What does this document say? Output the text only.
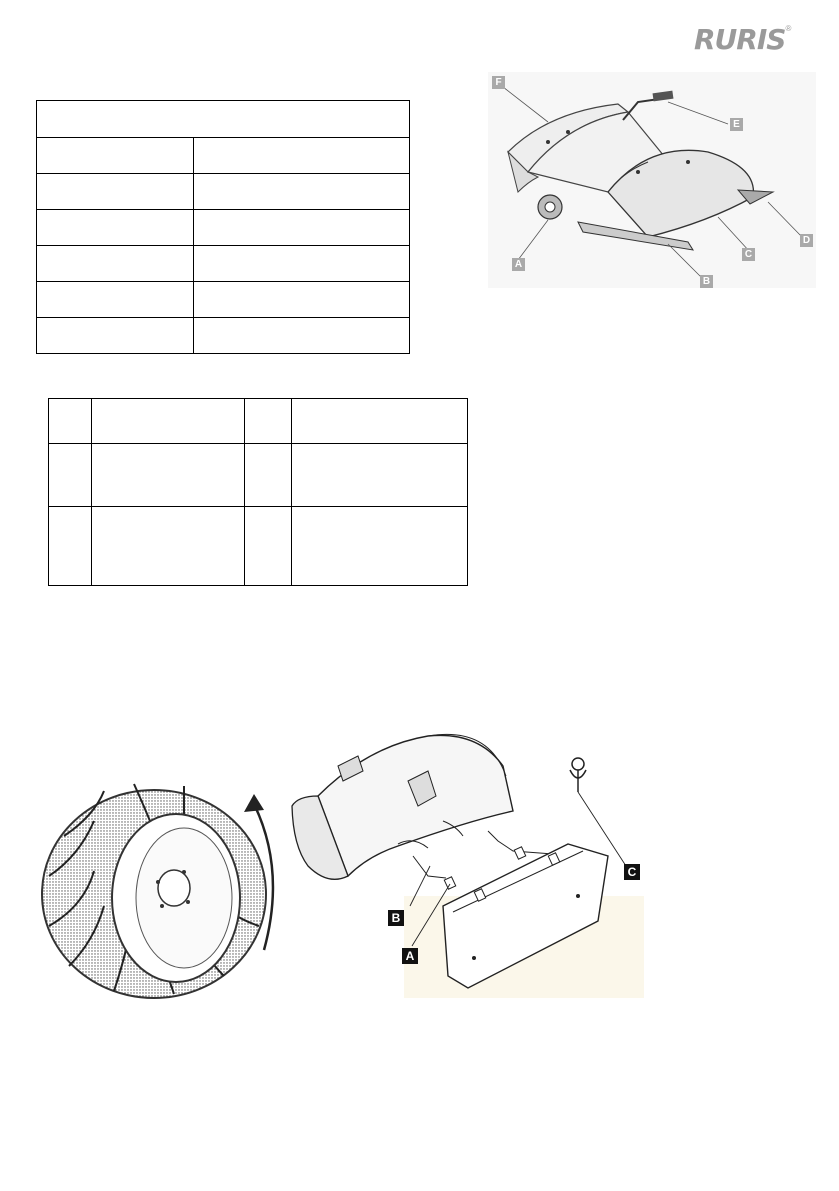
RURIS®

F
E
C
D
B
A
C
B
A
